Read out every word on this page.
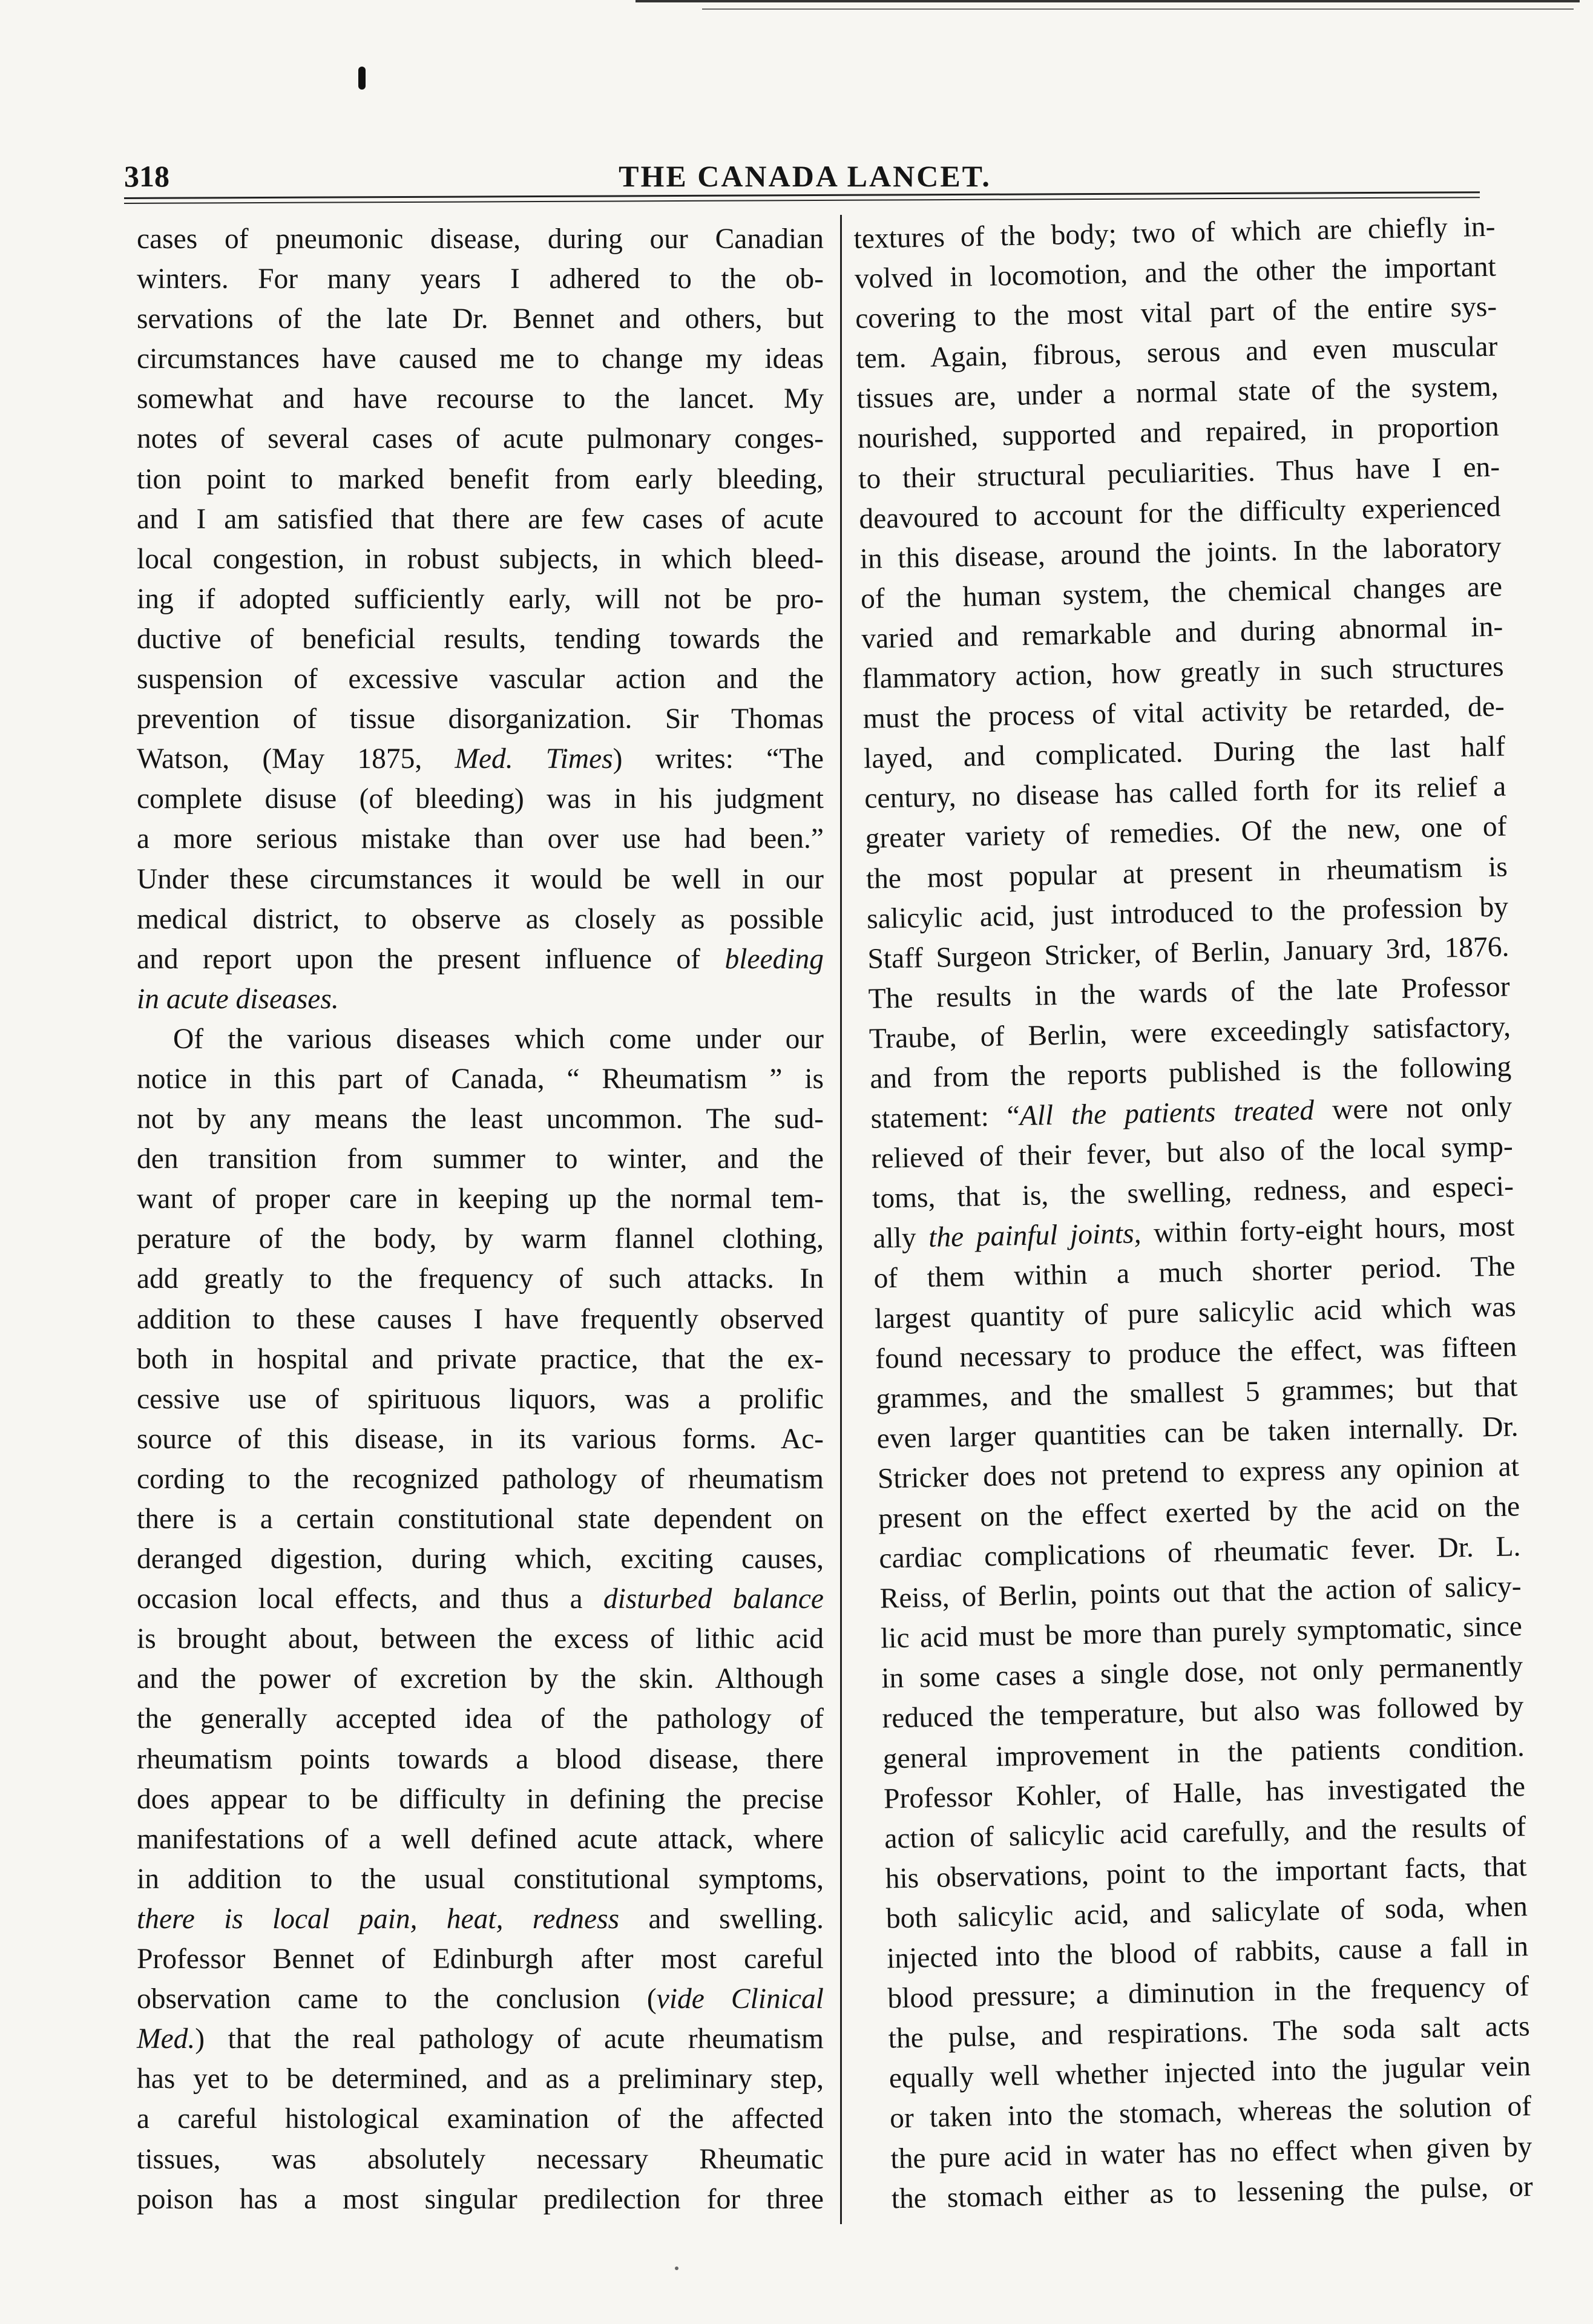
318	THE CANADA LANCET.
cases of pneumonic disease, during our Canadian
winters. For many years I adhered to the ob-
servations of the late Dr. Bennet and others, but
circumstances have caused me to change my ideas
somewhat and have recourse to the lancet. My
notes of several cases of acute pulmonary conges-
tion point to marked benefit from early bleeding,
and I am satisfied that there are few cases of acute
local congestion, in robust subjects, in which bleed-
ing if adopted sufficiently early, will not be pro-
ductive of beneficial results, tending towards the
suspension of excessive vascular action and the
prevention of tissue disorganization. Sir Thomas
Watson, (May 1875, Med. Times) writes: “The
complete disuse (of bleeding) was in his judgment
a more serious mistake than over use had been.”
Under these circumstances it would be well in our
medical district, to observe as closely as possible
and report upon the present influence of bleeding
in acute diseases.
Of the various diseases which come under our
notice in this part of Canada, “ Rheumatism ” is
not by any means the least uncommon. The sud-
den transition from summer to winter, and the
want of proper care in keeping up the normal tem-
perature of the body, by warm flannel clothing,
add greatly to the frequency of such attacks. In
addition to these causes I have frequently observed
both in hospital and private practice, that the ex-
cessive use of spirituous liquors, was a prolific
source of this disease, in its various forms. Ac-
cording to the recognized pathology of rheumatism
there is a certain constitutional state dependent on
deranged digestion, during which, exciting causes,
occasion local effects, and thus a disturbed balance
is brought about, between the excess of lithic acid
and the power of excretion by the skin. Although
the generally accepted idea of the pathology of
rheumatism points towards a blood disease, there
does appear to be difficulty in defining the precise
manifestations of a well defined acute attack, where
in addition to the usual constitutional symptoms,
there is local pain, heat, redness and swelling.
Professor Bennet of Edinburgh after most careful
observation came to the conclusion (vide Clinical
Med.) that the real pathology of acute rheumatism
has yet to be determined, and as a preliminary step,
a careful histological examination of the affected
tissues, was absolutely necessary Rheumatic
poison has a most singular predilection for three
textures of the body; two of which are chiefly in-
volved in locomotion, and the other the important
covering to the most vital part of the entire sys-
tem. Again, fibrous, serous and even muscular
tissues are, under a normal state of the system,
nourished, supported and repaired, in proportion
to their structural peculiarities. Thus have I en-
deavoured to account for the difficulty experienced
in this disease, around the joints. In the laboratory
of the human system, the chemical changes are
varied and remarkable and during abnormal in-
flammatory action, how greatly in such structures
must the process of vital activity be retarded, de-
layed, and complicated. During the last half
century, no disease has called forth for its relief a
greater variety of remedies. Of the new, one of
the most popular at present in rheumatism is
salicylic acid, just introduced to the profession by
Staff Surgeon Stricker, of Berlin, January 3rd, 1876.
The results in the wards of the late Professor
Traube, of Berlin, were exceedingly satisfactory,
and from the reports published is the following
statement: “All the patients treated were not only
relieved of their fever, but also of the local symp-
toms, that is, the swelling, redness, and especi-
ally the painful joints, within forty-eight hours, most
of them within a much shorter period. The
largest quantity of pure salicylic acid which was
found necessary to produce the effect, was fifteen
grammes, and the smallest 5 grammes; but that
even larger quantities can be taken internally. Dr.
Stricker does not pretend to express any opinion at
present on the effect exerted by the acid on the
cardiac complications of rheumatic fever. Dr. L.
Reiss, of Berlin, points out that the action of salicy-
lic acid must be more than purely symptomatic, since
in some cases a single dose, not only permanently
reduced the temperature, but also was followed by
general improvement in the patients condition.
Professor Kohler, of Halle, has investigated the
action of salicylic acid carefully, and the results of
his observations, point to the important facts, that
both salicylic acid, and salicylate of soda, when
injected into the blood of rabbits, cause a fall in
blood pressure; a diminution in the frequency of
the pulse, and respirations. The soda salt acts
equally well whether injected into the jugular vein
or taken into the stomach, whereas the solution of
the pure acid in water has no effect when given by
the stomach either as to lessening the pulse, or
